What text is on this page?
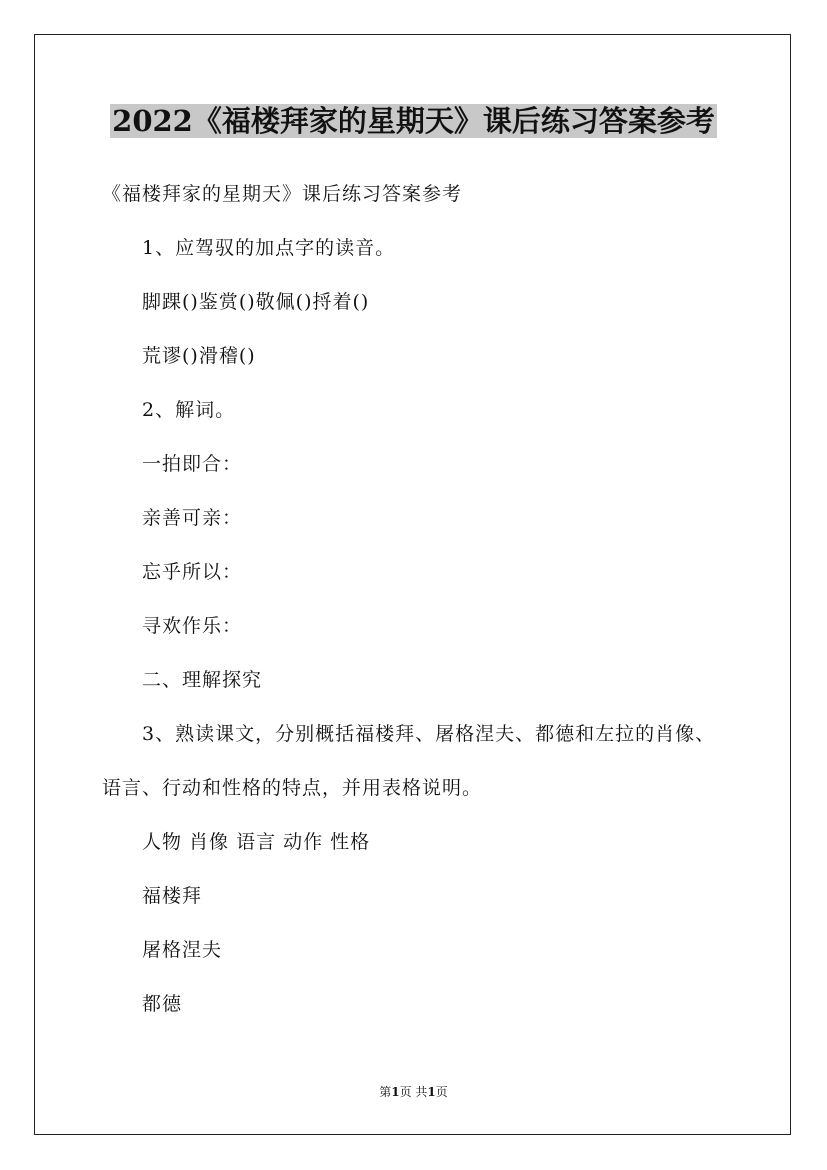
2022《福楼拜家的星期天》课后练习答案参考
《福楼拜家的星期天》课后练习答案参考
1、应驾驭的加点字的读音。
脚踝()鉴赏()敬佩()捋着()
荒谬()滑稽()
2、解词。
一拍即合：
亲善可亲：
忘乎所以：
寻欢作乐：
二、理解探究
3、熟读课文，分别概括福楼拜、屠格涅夫、都德和左拉的肖像、
语言、行动和性格的特点，并用表格说明。
人物 肖像 语言 动作 性格
福楼拜
屠格涅夫
都德
第1页 共1页
